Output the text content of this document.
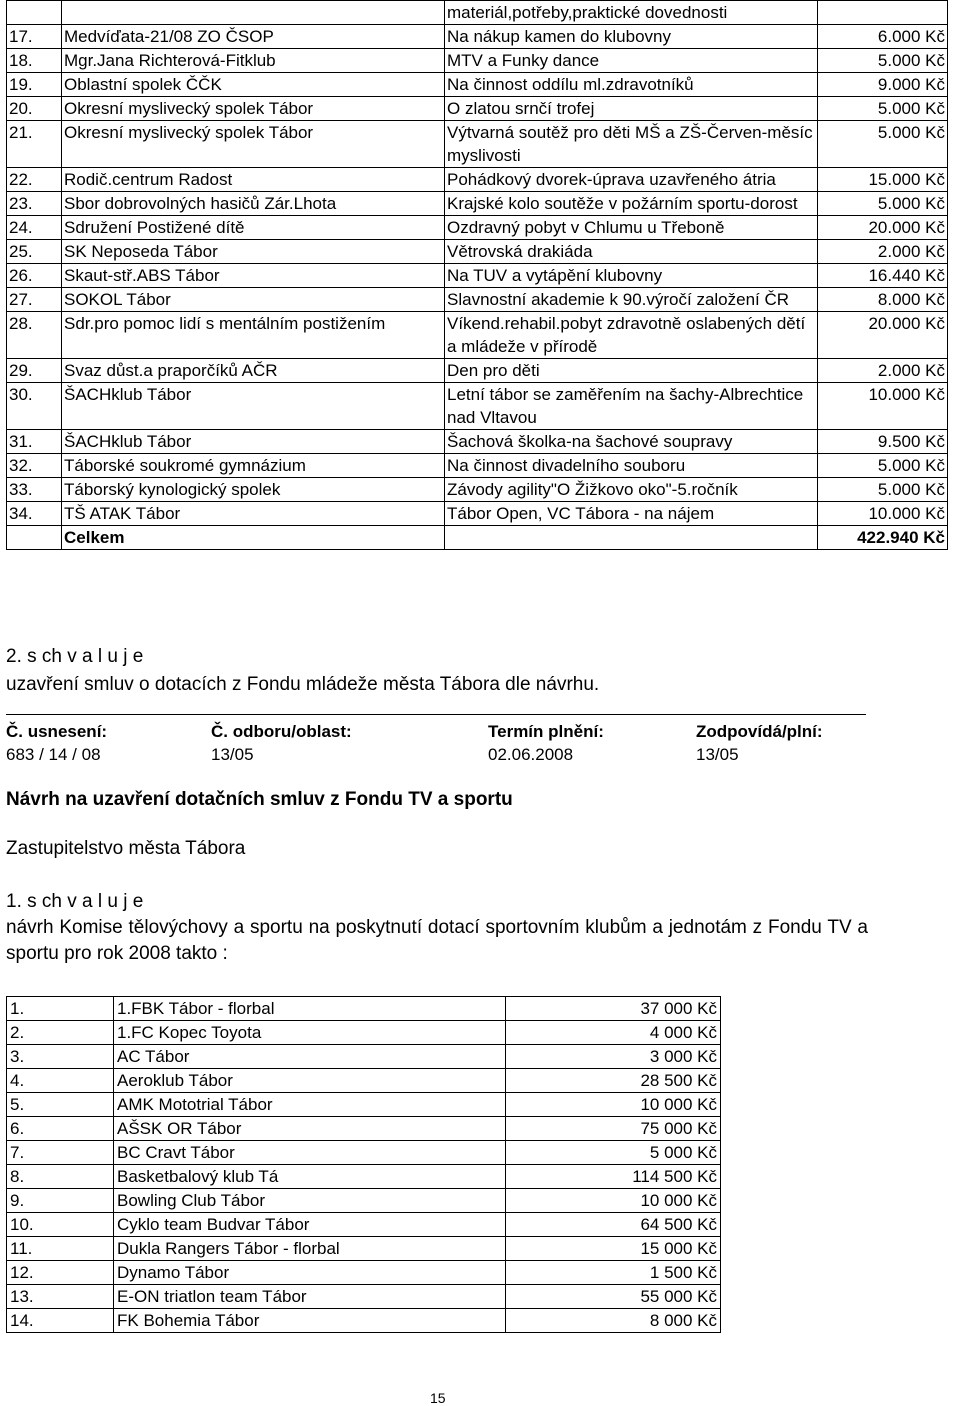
		materiál,potřeby,praktické dovednosti	
17.	Medvíďata-21/08 ZO ČSOP	Na nákup kamen do klubovny	6.000 Kč
18.	Mgr.Jana Richterová-Fitklub	MTV a Funky dance	5.000 Kč
19.	Oblastní spolek ČČK	Na činnost oddílu ml.zdravotníků	9.000 Kč
20.	Okresní myslivecký spolek Tábor	O zlatou srnčí trofej	5.000 Kč
21.	Okresní myslivecký spolek Tábor	Výtvarná soutěž pro děti MŠ a ZŠ-Červen-měsíc myslivosti	5.000 Kč
22.	Rodič.centrum Radost	Pohádkový dvorek-úprava uzavřeného átria	15.000 Kč
23.	Sbor dobrovolných hasičů Zár.Lhota	Krajské kolo soutěže v požárním sportu-dorost	5.000 Kč
24.	Sdružení Postižené dítě	Ozdravný pobyt v Chlumu u Třeboně	20.000 Kč
25.	SK Neposeda Tábor	Větrovská drakiáda	2.000 Kč
26.	Skaut-stř.ABS Tábor	Na TUV a vytápění klubovny	16.440 Kč
27.	SOKOL Tábor	Slavnostní akademie k 90.výročí založení ČR	8.000 Kč
28.	Sdr.pro pomoc lidí s mentálním postižením	Víkend.rehabil.pobyt zdravotně oslabených dětí a mládeže v přírodě	20.000 Kč
29.	Svaz důst.a praporčíků AČR	Den pro děti	2.000 Kč
30.	ŠACHklub Tábor	Letní tábor se zaměřením na šachy-Albrechtice nad Vltavou	10.000 Kč
31.	ŠACHklub Tábor	Šachová školka-na šachové soupravy	9.500 Kč
32.	Táborské soukromé gymnázium	Na činnost divadelního souboru	5.000 Kč
33.	Táborský kynologický spolek	Závody agility"O Žižkovo oko"-5.ročník	5.000 Kč
34.	TŠ ATAK Tábor	Tábor Open, VC Tábora - na nájem	10.000 Kč
	Celkem		422.940 Kč
2. s ch v a l u j e
uzavření smluv o dotacích z Fondu mládeže města Tábora dle návrhu.
Č. usnesení:	Č. odboru/oblast:	Termín plnění:	Zodpovídá/plní:
683 / 14 / 08	13/05	02.06.2008	13/05
Návrh na uzavření dotačních smluv z Fondu TV a sportu
Zastupitelstvo města Tábora
1. s ch v a l u j e
návrh Komise tělovýchovy a sportu na poskytnutí dotací sportovním klubům a jednotám z Fondu TV a sportu pro rok 2008 takto :
1.	1.FBK Tábor - florbal	37 000 Kč
2.	1.FC Kopec Toyota	4 000 Kč
3.	AC Tábor	3 000 Kč
4.	Aeroklub Tábor	28 500 Kč
5.	AMK Mototrial Tábor	10 000 Kč
6.	AŠSK OR Tábor	75 000 Kč
7.	BC Cravt Tábor	5 000 Kč
8.	Basketbalový klub Tá	114 500 Kč
9.	Bowling Club Tábor	10 000 Kč
10.	Cyklo team Budvar Tábor	64 500 Kč
11.	Dukla Rangers Tábor - florbal	15 000 Kč
12.	Dynamo Tábor	1 500 Kč
13.	E-ON triatlon team Tábor	55 000 Kč
14.	FK Bohemia Tábor	8 000 Kč
15
